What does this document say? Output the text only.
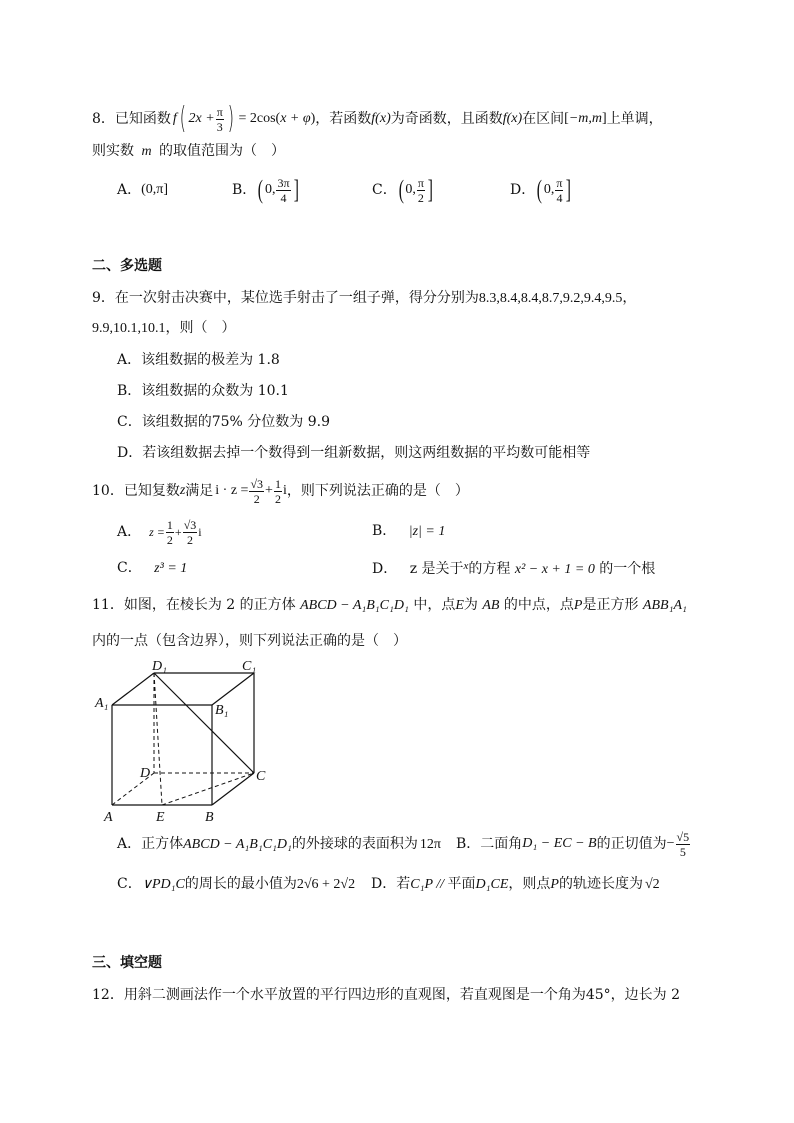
8． 已知函数 f ( $2x + \frac{\pi}{3}$ ) = 2cos ( x + φ ) ，若函数 f(x) 为奇函数，且函数 f(x) 在区间 [ −m,m ] 上单调，
则实数 m 的取值范围为（　）
A． ( 0,π ]	B． ( 0, $\frac{3\pi}{4}$ ]	C． ( 0, $\frac{\pi}{2}$ ]	D． ( 0, $\frac{\pi}{4}$ ]
二、多选题
9．在一次射击决赛中，某位选手射击了一组子弹，得分分别为8.3,8.4,8.4,8.7,9.2,9.4,9.5，
9.9,10.1,10.1，则（　）
A．该组数据的极差为 1.8
B．该组数据的众数为 10.1
C．该组数据的75% 分位数为 9.9
D．若该组数据去掉一个数得到一组新数据，则这两组数据的平均数可能相等
10． 已知复数 z 满足 $i \cdot z = \frac{√3}{2} + \frac{1}{2}$ i ，则下列说法正确的是（　）
A． $z = \frac{1}{2} + \frac{√3}{2}$ i	B． |z| = 1
C． z³ = 1	D． z 是关于$^x$的方程 x² − x + 1 = 0 的一个根
11．如图，在棱长为 2 的正方体 ABCD − A₁B₁C₁D₁ 中，点E为 AB 的中点，点P是正方形 ABB₁A₁
内的一点（包含边界），则下列说法正确的是（　）
D₁	C₁
A₁	B₁
D	C
A	E	B
A．正方体ABCD − A₁B₁C₁D₁的外接球的表面积为 12π B．二面角 D₁ − EC − B 的正切值为 − $\frac{√5}{5}$
C．∨PD₁C的周长的最小值为2√6 + 2√2 D．若C₁P // 平面D₁CE，则点P的轨迹长度为 √2
三、填空题
12．用斜二测画法作一个水平放置的平行四边形的直观图，若直观图是一个角为45°，边长为 2
